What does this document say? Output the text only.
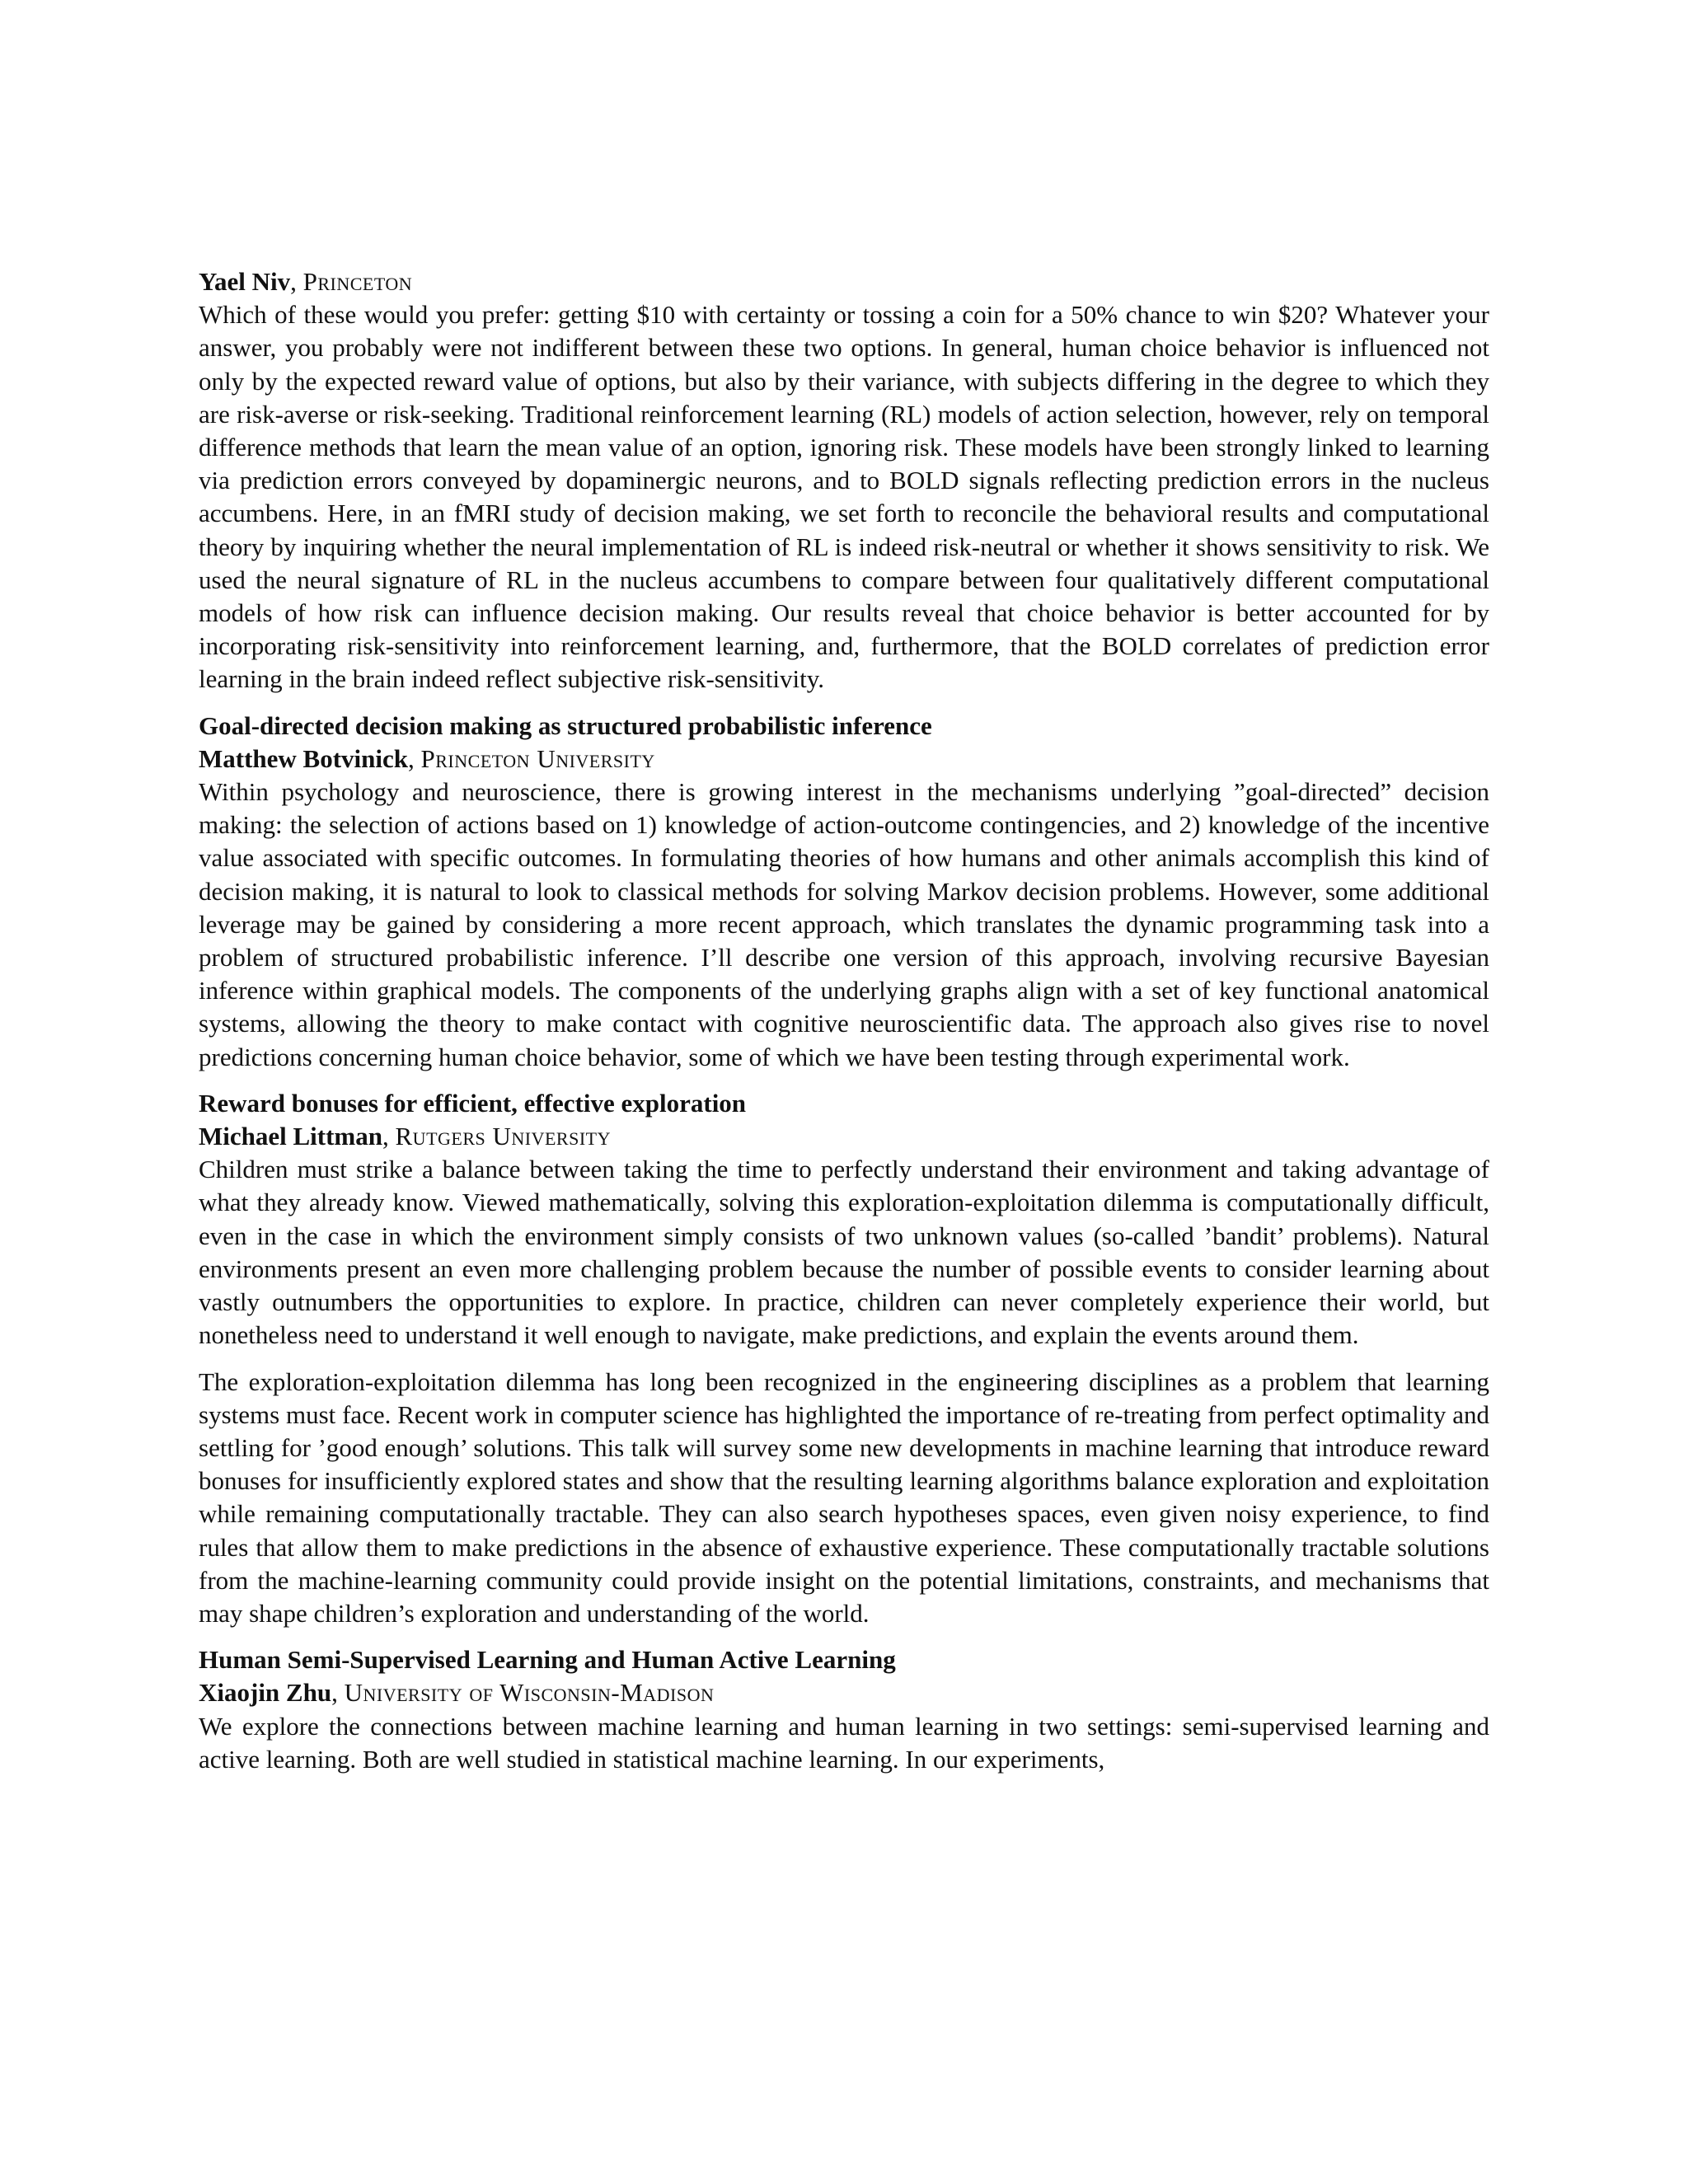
Yael Niv, Princeton

Which of these would you prefer: getting $10 with certainty or tossing a coin for a 50% chance to win $20? Whatever your answer, you probably were not indifferent between these two options. In general, human choice behavior is influenced not only by the expected reward value of options, but also by their variance, with subjects differing in the degree to which they are risk-averse or risk-seeking. Traditional reinforcement learning (RL) models of action selection, however, rely on temporal difference methods that learn the mean value of an option, ignoring risk. These models have been strongly linked to learning via prediction errors conveyed by dopaminergic neurons, and to BOLD signals reflecting prediction errors in the nucleus accumbens. Here, in an fMRI study of decision making, we set forth to reconcile the behavioral results and computational theory by inquiring whether the neural implementation of RL is indeed risk-neutral or whether it shows sensitivity to risk. We used the neural signature of RL in the nucleus accumbens to compare between four qualitatively different computational models of how risk can influence decision making. Our results reveal that choice behavior is better accounted for by incorporating risk-sensitivity into reinforcement learning, and, furthermore, that the BOLD correlates of prediction error learning in the brain indeed reflect subjective risk-sensitivity.

Goal-directed decision making as structured probabilistic inference
Matthew Botvinick, Princeton University

Within psychology and neuroscience, there is growing interest in the mechanisms underlying ”goal-directed” decision making: the selection of actions based on 1) knowledge of action-outcome contingencies, and 2) knowledge of the incentive value associated with specific outcomes. In formulating theories of how humans and other animals accomplish this kind of decision making, it is natural to look to classical methods for solving Markov decision problems. However, some additional leverage may be gained by considering a more recent approach, which translates the dynamic programming task into a problem of structured probabilistic inference. I’ll describe one version of this approach, involving recursive Bayesian inference within graphical models. The components of the underlying graphs align with a set of key functional anatomical systems, allowing the theory to make contact with cognitive neuroscientific data. The approach also gives rise to novel predictions concerning human choice behavior, some of which we have been testing through experimental work.

Reward bonuses for efficient, effective exploration
Michael Littman, Rutgers University

Children must strike a balance between taking the time to perfectly understand their environment and taking advantage of what they already know. Viewed mathematically, solving this exploration-exploitation dilemma is computationally difficult, even in the case in which the environment simply consists of two unknown values (so-called ’bandit’ problems). Natural environments present an even more challenging problem because the number of possible events to consider learning about vastly outnumbers the opportunities to explore. In practice, children can never completely experience their world, but nonetheless need to understand it well enough to navigate, make predictions, and explain the events around them.

The exploration-exploitation dilemma has long been recognized in the engineering disciplines as a problem that learning systems must face. Recent work in computer science has highlighted the importance of re-treating from perfect optimality and settling for ’good enough’ solutions. This talk will survey some new developments in machine learning that introduce reward bonuses for insufficiently explored states and show that the resulting learning algorithms balance exploration and exploitation while remaining computationally tractable. They can also search hypotheses spaces, even given noisy experience, to find rules that allow them to make predictions in the absence of exhaustive experience. These computationally tractable solutions from the machine-learning community could provide insight on the potential limitations, constraints, and mechanisms that may shape children’s exploration and understanding of the world.

Human Semi-Supervised Learning and Human Active Learning
Xiaojin Zhu, University of Wisconsin-Madison

We explore the connections between machine learning and human learning in two settings: semi-supervised learning and active learning. Both are well studied in statistical machine learning. In our experiments,
